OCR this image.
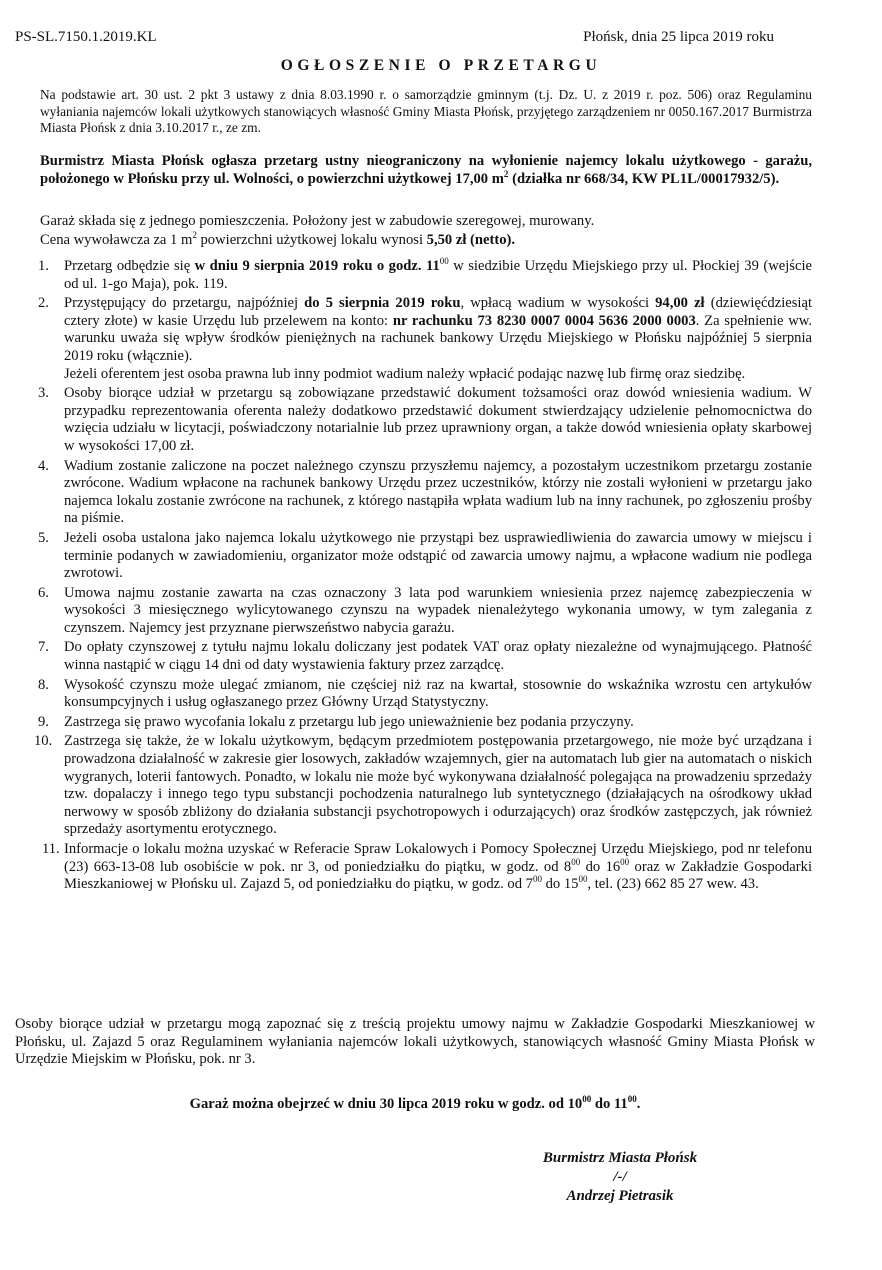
PS-SL.7150.1.2019.KL	Płońsk, dnia 25 lipca 2019 roku
OGŁOSZENIE O PRZETARGU
Na podstawie art. 30 ust. 2 pkt 3 ustawy z dnia 8.03.1990 r. o samorządzie gminnym (t.j. Dz. U. z 2019 r. poz. 506) oraz Regulaminu wyłaniania najemców lokali użytkowych stanowiących własność Gminy Miasta Płońsk, przyjętego zarządzeniem nr 0050.167.2017 Burmistrza Miasta Płońsk z dnia 3.10.2017 r., ze zm.
Burmistrz Miasta Płońsk ogłasza przetarg ustny nieograniczony na wyłonienie najemcy lokalu użytkowego - garażu, położonego w Płońsku przy ul. Wolności, o powierzchni użytkowej 17,00 $m^2$ (działka nr 668/34, KW PL1L/00017932/5).
Garaż składa się z jednego pomieszczenia. Położony jest w zabudowie szeregowej, murowany.
Cena wywoławcza za 1 $m^2$ powierzchni użytkowej lokalu wynosi 5,50 zł (netto).
1. Przetarg odbędzie się w dniu 9 sierpnia 2019 roku o godz. $11^{00}$ w siedzibie Urzędu Miejskiego przy ul. Płockiej 39 (wejście od ul. 1-go Maja), pok. 119.
2. Przystępujący do przetargu, najpóźniej do 5 sierpnia 2019 roku, wpłacą wadium w wysokości 94,00 zł (dziewięćdziesiąt cztery złote) w kasie Urzędu lub przelewem na konto: nr rachunku 73 8230 0007 0004 5636 2000 0003. Za spełnienie ww. warunku uważa się wpływ środków pieniężnych na rachunek bankowy Urzędu Miejskiego w Płońsku najpóźniej 5 sierpnia 2019 roku (włącznie).
Jeżeli oferentem jest osoba prawna lub inny podmiot wadium należy wpłacić podając nazwę lub firmę oraz siedzibę.
3. Osoby biorące udział w przetargu są zobowiązane przedstawić dokument tożsamości oraz dowód wniesienia wadium. W przypadku reprezentowania oferenta należy dodatkowo przedstawić dokument stwierdzający udzielenie pełnomocnictwa do wzięcia udziału w licytacji, poświadczony notarialnie lub przez uprawniony organ, a także dowód wniesienia opłaty skarbowej w wysokości 17,00 zł.
4. Wadium zostanie zaliczone na poczet należnego czynszu przyszłemu najemcy, a pozostałym uczestnikom przetargu zostanie zwrócone. Wadium wpłacone na rachunek bankowy Urzędu przez uczestników, którzy nie zostali wyłonieni w przetargu jako najemca lokalu zostanie zwrócone na rachunek, z którego nastąpiła wpłata wadium lub na inny rachunek, po zgłoszeniu prośby na piśmie.
5. Jeżeli osoba ustalona jako najemca lokalu użytkowego nie przystąpi bez usprawiedliwienia do zawarcia umowy w miejscu i terminie podanych w zawiadomieniu, organizator może odstąpić od zawarcia umowy najmu, a wpłacone wadium nie podlega zwrotowi.
6. Umowa najmu zostanie zawarta na czas oznaczony 3 lata pod warunkiem wniesienia przez najemcę zabezpieczenia w wysokości 3 miesięcznego wylicytowanego czynszu na wypadek nienależytego wykonania umowy, w tym zalegania z czynszem. Najemcy jest przyznane pierwszeństwo nabycia garażu.
7. Do opłaty czynszowej z tytułu najmu lokalu doliczany jest podatek VAT oraz opłaty niezależne od wynajmującego. Płatność winna nastąpić w ciągu 14 dni od daty wystawienia faktury przez zarządcę.
8. Wysokość czynszu może ulegać zmianom, nie częściej niż raz na kwartał, stosownie do wskaźnika wzrostu cen artykułów konsumpcyjnych i usług ogłaszanego przez Główny Urząd Statystyczny.
9. Zastrzega się prawo wycofania lokalu z przetargu lub jego unieważnienie bez podania przyczyny.
10. Zastrzega się także, że w lokalu użytkowym, będącym przedmiotem postępowania przetargowego, nie może być urządzana i prowadzona działalność w zakresie gier losowych, zakładów wzajemnych, gier na automatach lub gier na automatach o niskich wygranych, loterii fantowych. Ponadto, w lokalu nie może być wykonywana działalność polegająca na prowadzeniu sprzedaży tzw. dopalaczy i innego tego typu substancji pochodzenia naturalnego lub syntetycznego (działających na ośrodkowy układ nerwowy w sposób zbliżony do działania substancji psychotropowych i odurzających) oraz środków zastępczych, jak również sprzedaży asortymentu erotycznego.
11. Informacje o lokalu można uzyskać w Referacie Spraw Lokalowych i Pomocy Społecznej Urzędu Miejskiego, pod nr telefonu (23) 663-13-08 lub osobiście w pok. nr 3, od poniedziałku do piątku, w godz. od $8^{00}$ do $16^{00}$ oraz w Zakładzie Gospodarki Mieszkaniowej w Płońsku ul. Zajazd 5, od poniedziałku do piątku, w godz. od $7^{00}$ do $15^{00}$, tel. (23) 662 85 27 wew. 43.
Osoby biorące udział w przetargu mogą zapoznać się z treścią projektu umowy najmu w Zakładzie Gospodarki Mieszkaniowej w Płońsku, ul. Zajazd 5 oraz Regulaminem wyłaniania najemców lokali użytkowych, stanowiących własność Gminy Miasta Płońsk w Urzędzie Miejskim w Płońsku, pok. nr 3.
Garaż można obejrzeć w dniu 30 lipca 2019 roku w godz. od $10^{00}$ do $11^{00}$.
Burmistrz Miasta Płońsk
/-/
Andrzej Pietrasik
